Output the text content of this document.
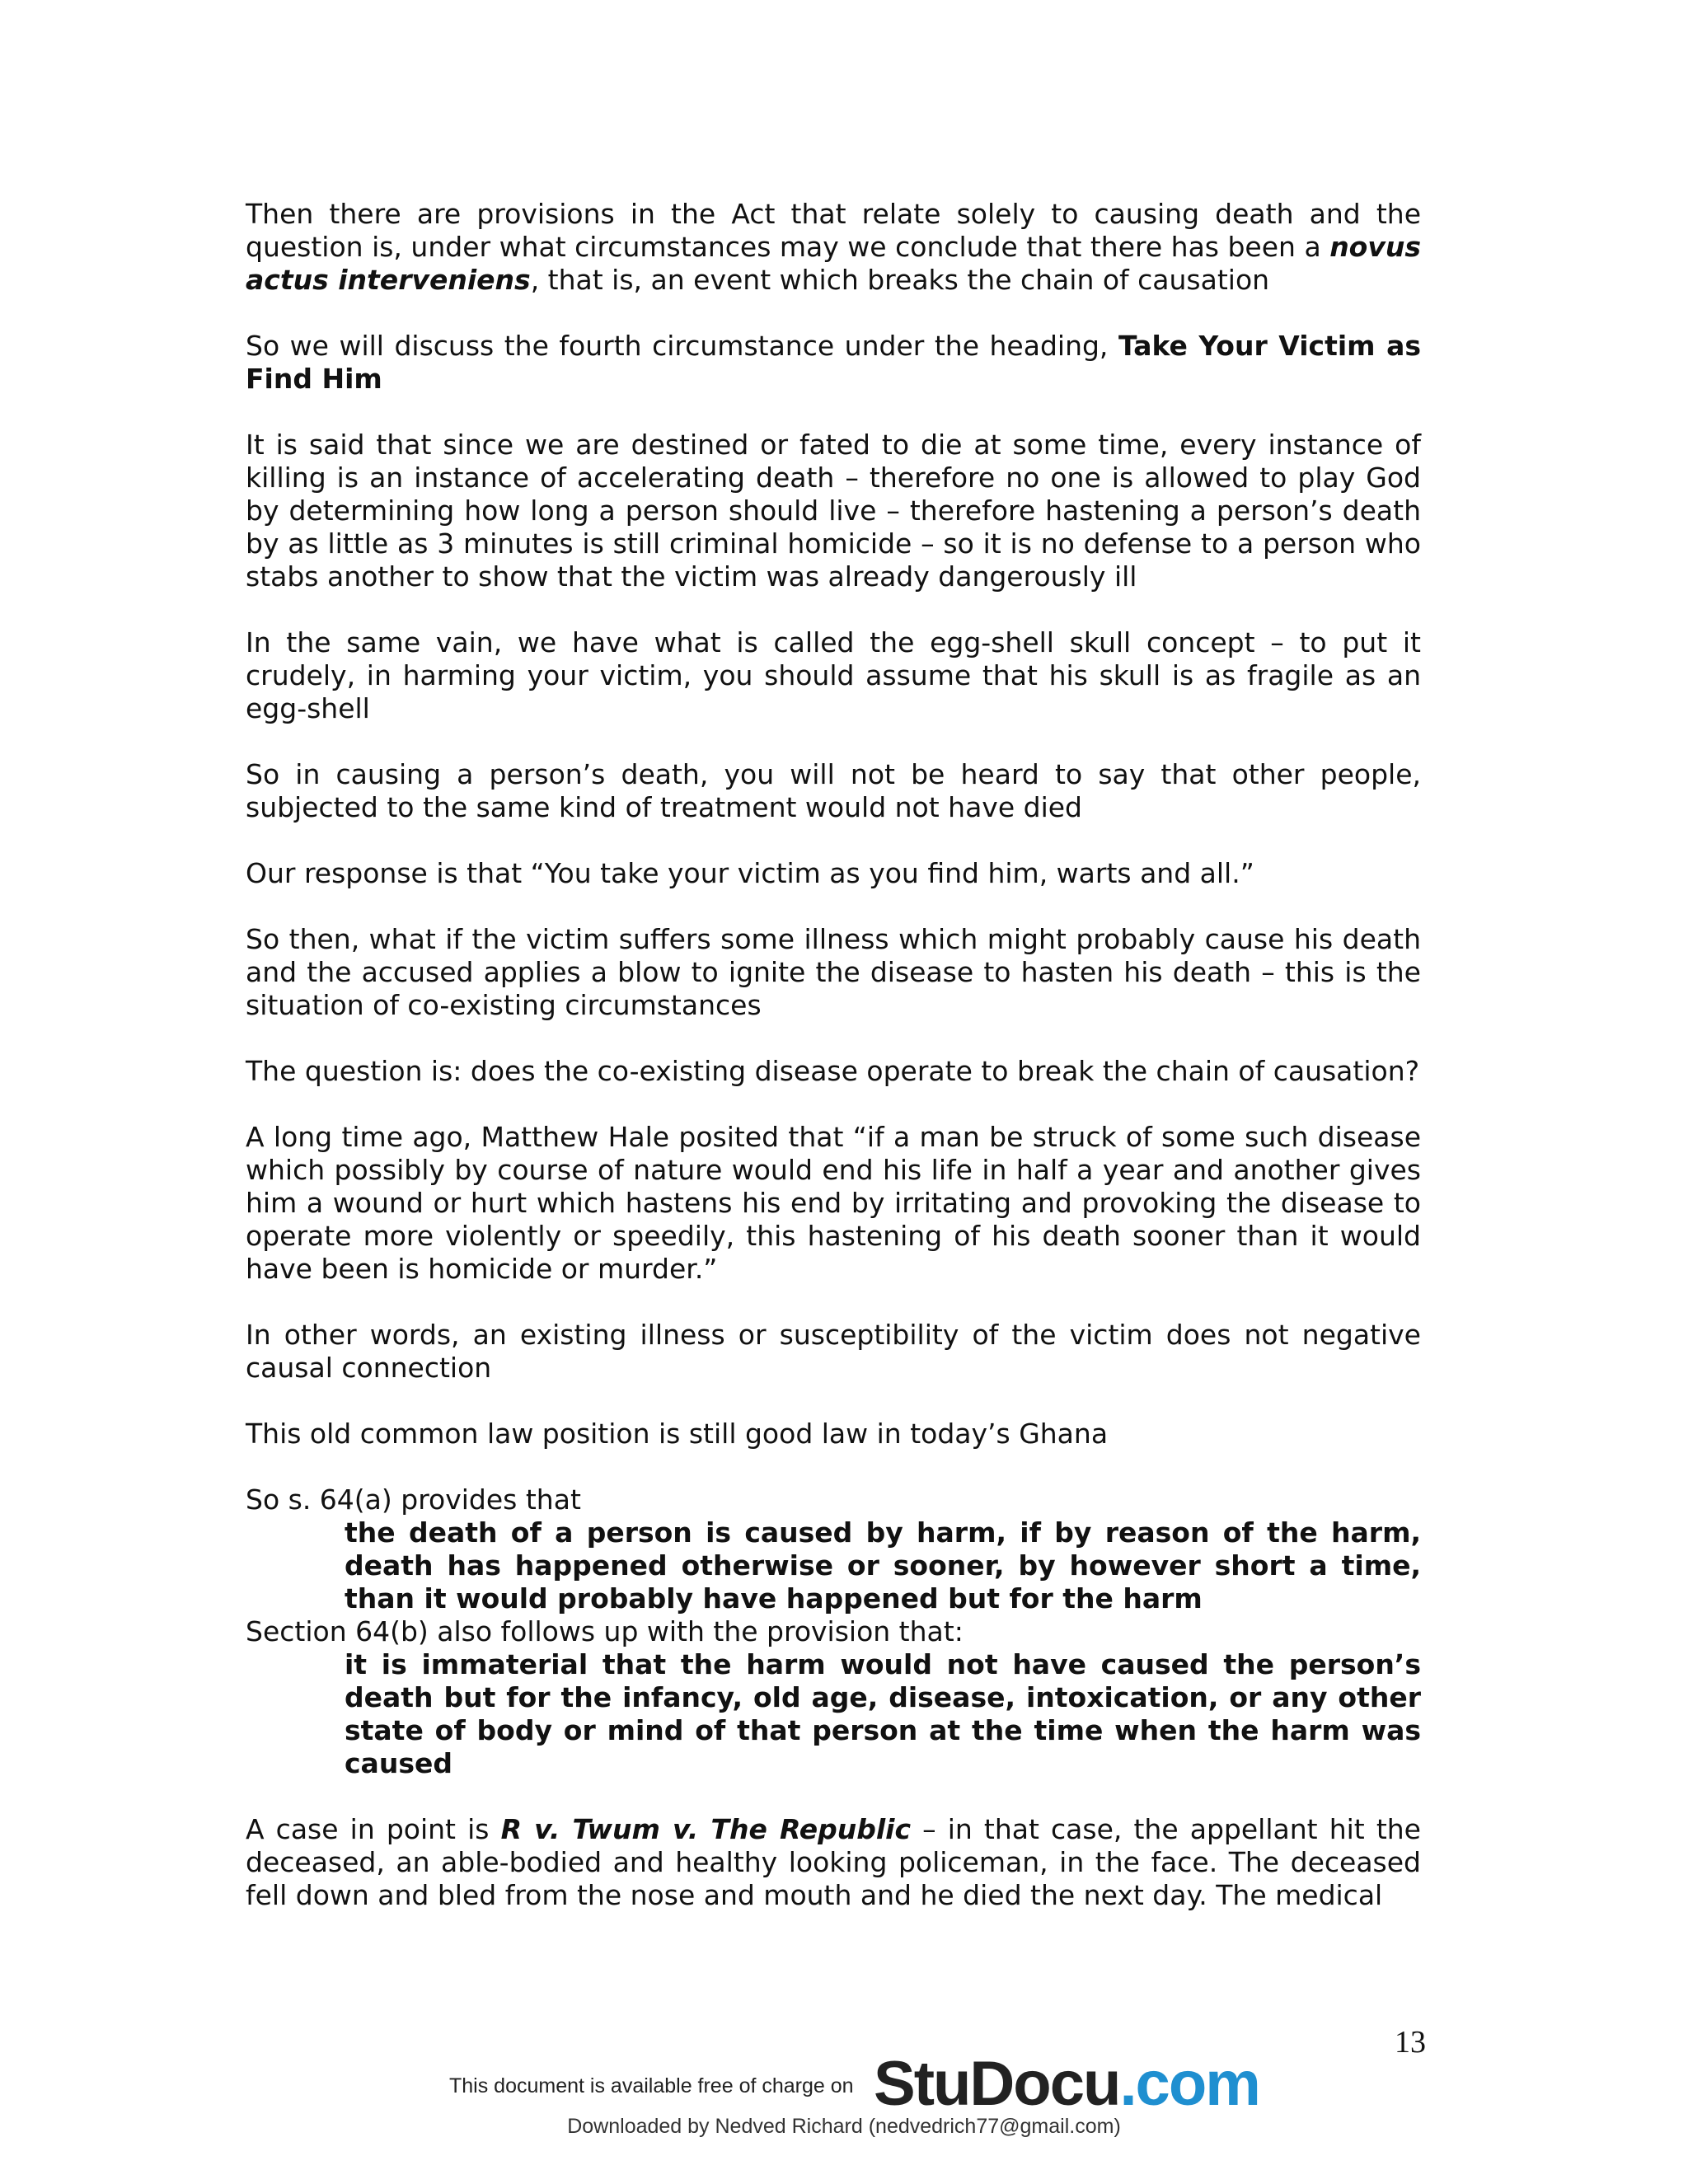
Then there are provisions in the Act that relate solely to causing death and the question is, under what circumstances may we conclude that there has been a novus actus interveniens, that is, an event which breaks the chain of causation

So we will discuss the fourth circumstance under the heading, Take Your Victim as Find Him

It is said that since we are destined or fated to die at some time, every instance of killing is an instance of accelerating death – therefore no one is allowed to play God by determining how long a person should live – therefore hastening a person’s death by as little as 3 minutes is still criminal homicide – so it is no defense to a person who stabs another to show that the victim was already dangerously ill

In the same vain, we have what is called the egg-shell skull concept – to put it crudely, in harming your victim, you should assume that his skull is as fragile as an egg-shell

So in causing a person’s death, you will not be heard to say that other people, subjected to the same kind of treatment would not have died

Our response is that “You take your victim as you find him, warts and all.”

So then, what if the victim suffers some illness which might probably cause his death and the accused applies a blow to ignite the disease to hasten his death – this is the situation of co-existing circumstances

The question is: does the co-existing disease operate to break the chain of causation?

A long time ago, Matthew Hale posited that “if a man be struck of some such disease which possibly by course of nature would end his life in half a year and another gives him a wound or hurt which hastens his end by irritating and provoking the disease to operate more violently or speedily, this hastening of his death sooner than it would have been is homicide or murder.”

In other words, an existing illness or susceptibility of the victim does not negative causal connection

This old common law position is still good law in today’s Ghana

So s. 64(a) provides that

the death of a person is caused by harm, if by reason of the harm, death has happened otherwise or sooner, by however short a time, than it would probably have happened but for the harm

Section 64(b) also follows up with the provision that:

it is immaterial that the harm would not have caused the person’s death but for the infancy, old age, disease, intoxication, or any other state of body or mind of that person at the time when the harm was caused

A case in point is R v. Twum v. The Republic – in that case, the appellant hit the deceased, an able-bodied and healthy looking policeman, in the face. The deceased fell down and bled from the nose and mouth and he died the next day. The medical

13
This document is available free of charge on StuDocu.com
Downloaded by Nedved Richard (nedvedrich77@gmail.com)
